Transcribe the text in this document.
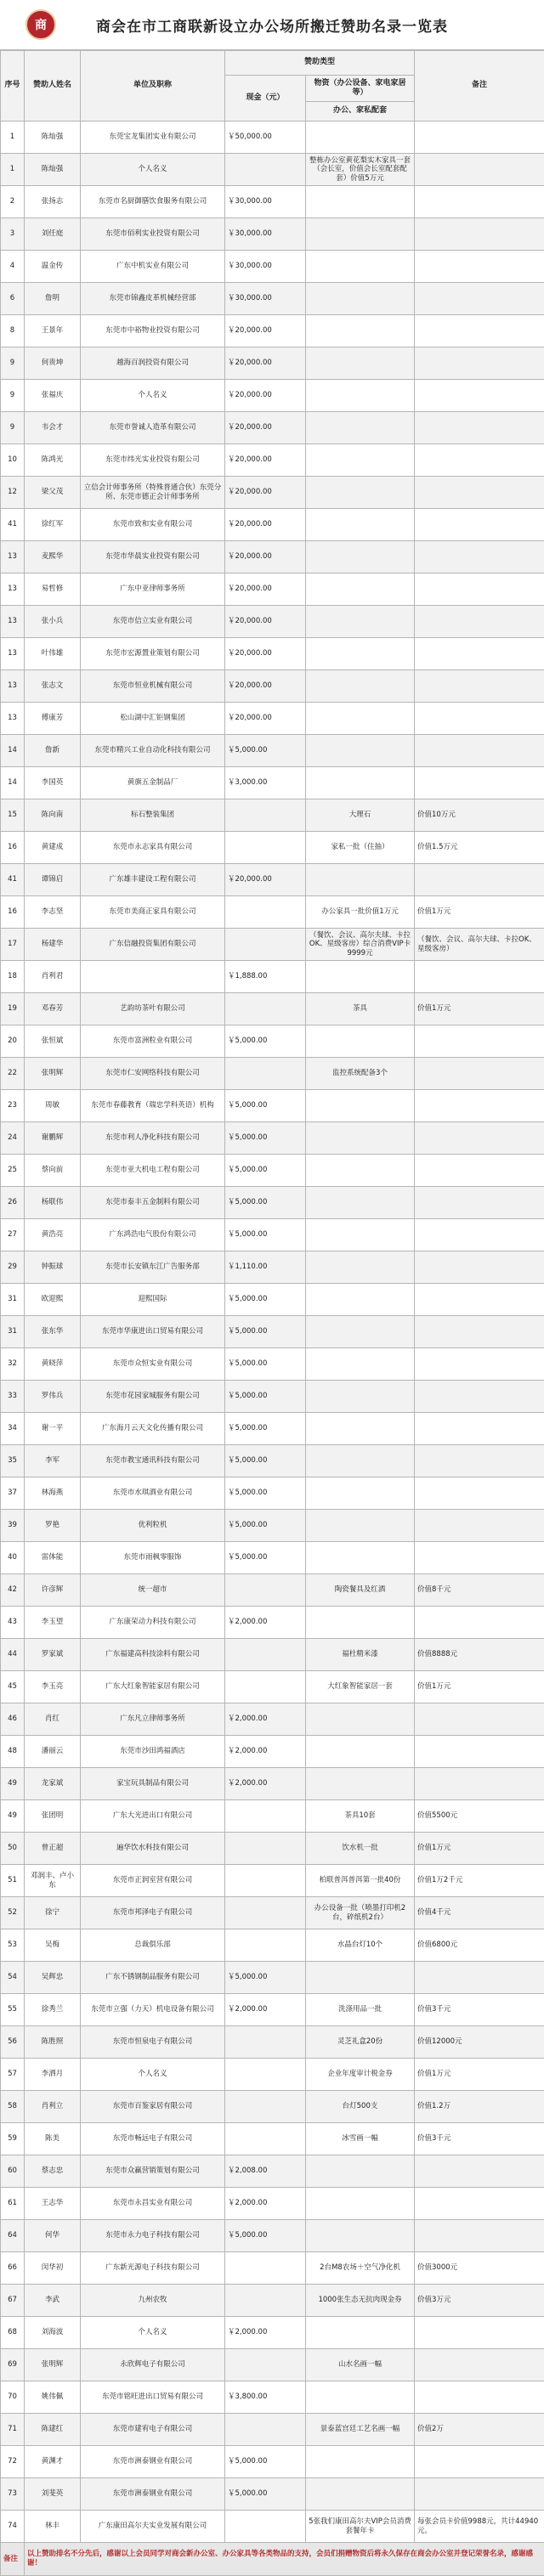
商	商会在市工商联新设立办公场所搬迁赞助名录一览表
序号	赞助人姓名	单位及职称	赞助类型		备注
			现金（元）	物资（办公设备、家电家居等）	
				办公、家私配套	
1	陈灿强	东莞宝龙集团实业有限公司	￥50,000.00		
1	陈灿强	个人名义		整栋办公室黄花梨实木家具一套（会长室，价值会长室配套配套）价值5万元	
2	张扬志	东莞市名厨御膳饮食服务有限公司	￥30,000.00		
3	刘任庭	东莞市佰利实业投资有限公司	￥30,000.00		
4	温金传	广东中机实业有限公司	￥30,000.00		
6	詹明	东莞市锦鑫皮革机械经营部	￥30,000.00		
8	王景年	东莞市中裕物业投资有限公司	￥20,000.00		
9	何贵坤	越海百润投资有限公司	￥20,000.00		
9	张福庆	个人名义	￥20,000.00		
9	韦会才	东莞市誉诚人造革有限公司	￥20,000.00		
10	陈鸿光	东莞市纬光实业投资有限公司	￥20,000.00		
12	梁父茂	立信会计师事务所（特殊普通合伙）东莞分所、东莞市德正会计师事务所	￥20,000.00		
41	徐红军	东莞市致和实业有限公司	￥20,000.00		
13	麦熙华	东莞市华晨实业投资有限公司	￥20,000.00		
13	易哲修	广东中亚律师事务所	￥20,000.00		
13	张小兵	东莞市信立实业有限公司	￥20,000.00		
13	叶伟雄	东莞市宏源置业策划有限公司	￥20,000.00		
13	张志文	东莞市恒业机械有限公司	￥20,000.00		
13	傅康芳	松山湖中汇钜钢集团	￥20,000.00		
14	詹新	东莞市精兴工业自动化科技有限公司	￥5,000.00		
14	李国英	黄旗五金制品厂	￥3,000.00		
15	陈向南	标石整装集团		大理石	价值10万元
16	黄建成	东莞市永志家具有限公司		家私一批（住抽）	价值1.5万元
41	谭锦启	广东雄丰建设工程有限公司	￥20,000.00		
16	李志坚	东莞市美商正家具有限公司		办公家具一批价值1万元	价值1万元
17	杨建华	广东信融投资集团有限公司		（餐饮、会议、高尔夫球、卡拉OK、星级客房）综合消费VIP卡9999元	（餐饮、会议、高尔夫球、卡拉OK、星级客房）
18	肖利君		￥1,888.00		
19	邓春芳	艺韵坊茶叶有限公司		茶具	价值1万元
20	张恒斌	东莞市富洲粒业有限公司	￥5,000.00		
22	张明辉	东莞市仁安网络科技有限公司		监控系统配备3个	
23	周敏	东莞市春藤教育（瑞忠学科英语）机构	￥5,000.00		
24	谢鹏辉	东莞市利人净化科技有限公司	￥5,000.00		
25	蔡向前	东莞市亚大机电工程有限公司	￥5,000.00		
26	杨联伟	东莞市泰丰五金制料有限公司	￥5,000.00		
27	黄浩亮	广东鸿浩电气股份有限公司	￥5,000.00		
29	钟振球	东莞市长安镇东江广告服务部	￥1,110.00		
31	欧迎熙	迎熙国际	￥5,000.00		
31	张东华	东莞市华康进出口贸易有限公司	￥5,000.00		
32	黄晓萍	东莞市众恒实业有限公司	￥5,000.00		
33	罗伟兵	东莞市花园家城服务有限公司	￥5,000.00		
34	谢一平	广东海月云天文化传播有限公司	￥5,000.00		
35	李军	东莞市教宝通讯科技有限公司	￥5,000.00		
37	林海燕	东莞市水琪酒业有限公司	￥5,000.00		
39	罗艳	优利粒机	￥5,000.00		
40	雷体能	东莞市雨枫零服饰	￥5,000.00		
42	许彦辉	统一超市		陶瓷餐具及红酒	价值8千元
43	李玉望	广东康荣动力科技有限公司	￥2,000.00		
44	罗家斌	广东福建高科技涂料有限公司		福杜精米漆	价值8888元
45	李玉亮	广东大红象智能家居有限公司		大红象智能家居一套	价值1万元
46	肖红	广东凡立律师事务所	￥2,000.00		
48	潘丽云	东莞市沙田鸿福酒店	￥2,000.00		
49	龙家斌	家宝玩具制品有限公司	￥2,000.00		
49	张团明	广东大光进出口有限公司		茶具10套	价值5500元
50	曾正超	遍华饮水科技有限公司		饮水机一批	价值1万元
51	邓润丰、卢小东	东莞市正润室营有限公司		柏联普洱普洱第一批40份	价值1万2千元
52	徐宁	东莞市邦泽电子有限公司		办公设备一批（喷墨打印机2台，碎纸机2台）	价值4千元
53	吴梅	总裁俱乐部		水晶台灯10个	价值6800元
54	吴辉忠	广东不锈钢制品服务有限公司	￥5,000.00		
55	徐秀兰	东莞市立强（力天）机电设备有限公司	￥2,000.00	洗涤用品一批	价值3千元
56	陈胜照	东莞市恒泉电子有限公司		灵芝礼盒20份	价值12000元
57	李洒月	个人名义		企业年度审计税金券	价值1万元
58	肖利立	东莞市百鉴家居有限公司		台灯500支	价值1.2万
59	陈美	东莞市畅远电子有限公司		冰雪画一幅	价值3千元
60	蔡志忠	东莞市众赢营销策划有限公司	￥2,008.00		
61	王志华	东莞市永昌实业有限公司	￥2,000.00		
64	何华	东莞市永力电子科技有限公司	￥5,000.00		
66	闵华初	广东新光源电子科技有限公司		2台M8农场＋空气净化机	价值3000元
67	李武	九州农牧		1000张生态无抗肉现金券	价值3万元
68	刘海波	个人名义	￥2,000.00		
69	张明辉	永欣辉电子有限公司		山水名画一幅	
70	姚伟佩	东莞市铭旺进出口贸易有限公司	￥3,800.00		
71	陈建红	东莞市建宥电子有限公司		景泰蓝宫廷工艺名画一幅	价值2万
72	黄渊才	东莞市洲泰钢业有限公司	￥5,000.00		
73	刘斐英	东莞市洲泰钢业有限公司	￥5,000.00		
74	林丰	广东康田高尔夫实业发展有限公司		5张我们康田高尔夫VIP会员消费套餐年卡	每张会员卡价值9988元，共计44940元。
备注	以上赞助排名不分先后，感谢以上会员同学对商会新办公室、办公家具等各类物品的支持，会员们捐赠物资后将永久保存在商会办公室并登记荣誉名录，感谢感谢！				
